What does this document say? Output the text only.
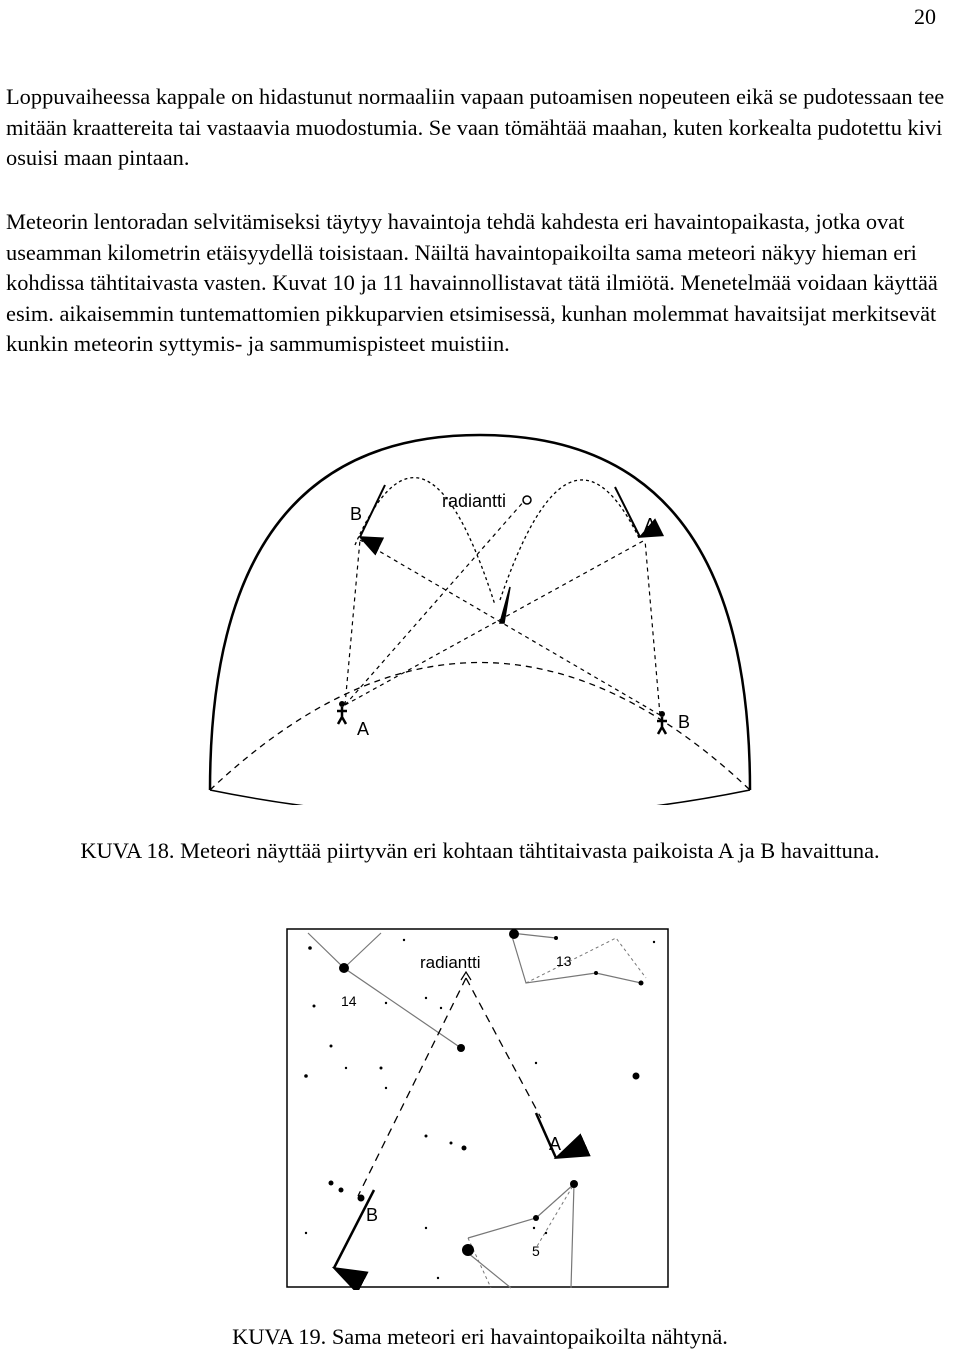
20

Loppuvaiheessa kappale on hidastunut normaaliin vapaan putoamisen nopeuteen eikä se pudotessaan tee mitään kraattereita tai vastaavia muodostumia. Se vaan tömähtää maahan, kuten korkealta pudotettu kivi osuisi maan pintaan.

Meteorin lentoradan selvitämiseksi täytyy havaintoja tehdä kahdesta eri havaintopaikasta, jotka ovat useamman kilometrin etäisyydellä toisistaan. Näiltä havaintopaikoilta sama meteori näkyy hieman eri kohdissa tähtitaivasta vasten. Kuvat 10 ja 11 havainnollistavat tätä ilmiötä. Menetelmää voidaan käyttää esim. aikaisemmin tuntemattomien pikkuparvien etsimisessä, kunhan molemmat havaitsijat merkitsevät kunkin meteorin syttymis- ja sammumispisteet muistiin.

B
radiantti
A
A	B

KUVA 18. Meteori näyttää piirtyvän eri kohtaan tähtitaivasta paikoista A ja B havaittuna.

radiantti	13
14
A
B
5

KUVA 19. Sama meteori eri havaintopaikoilta nähtynä.
